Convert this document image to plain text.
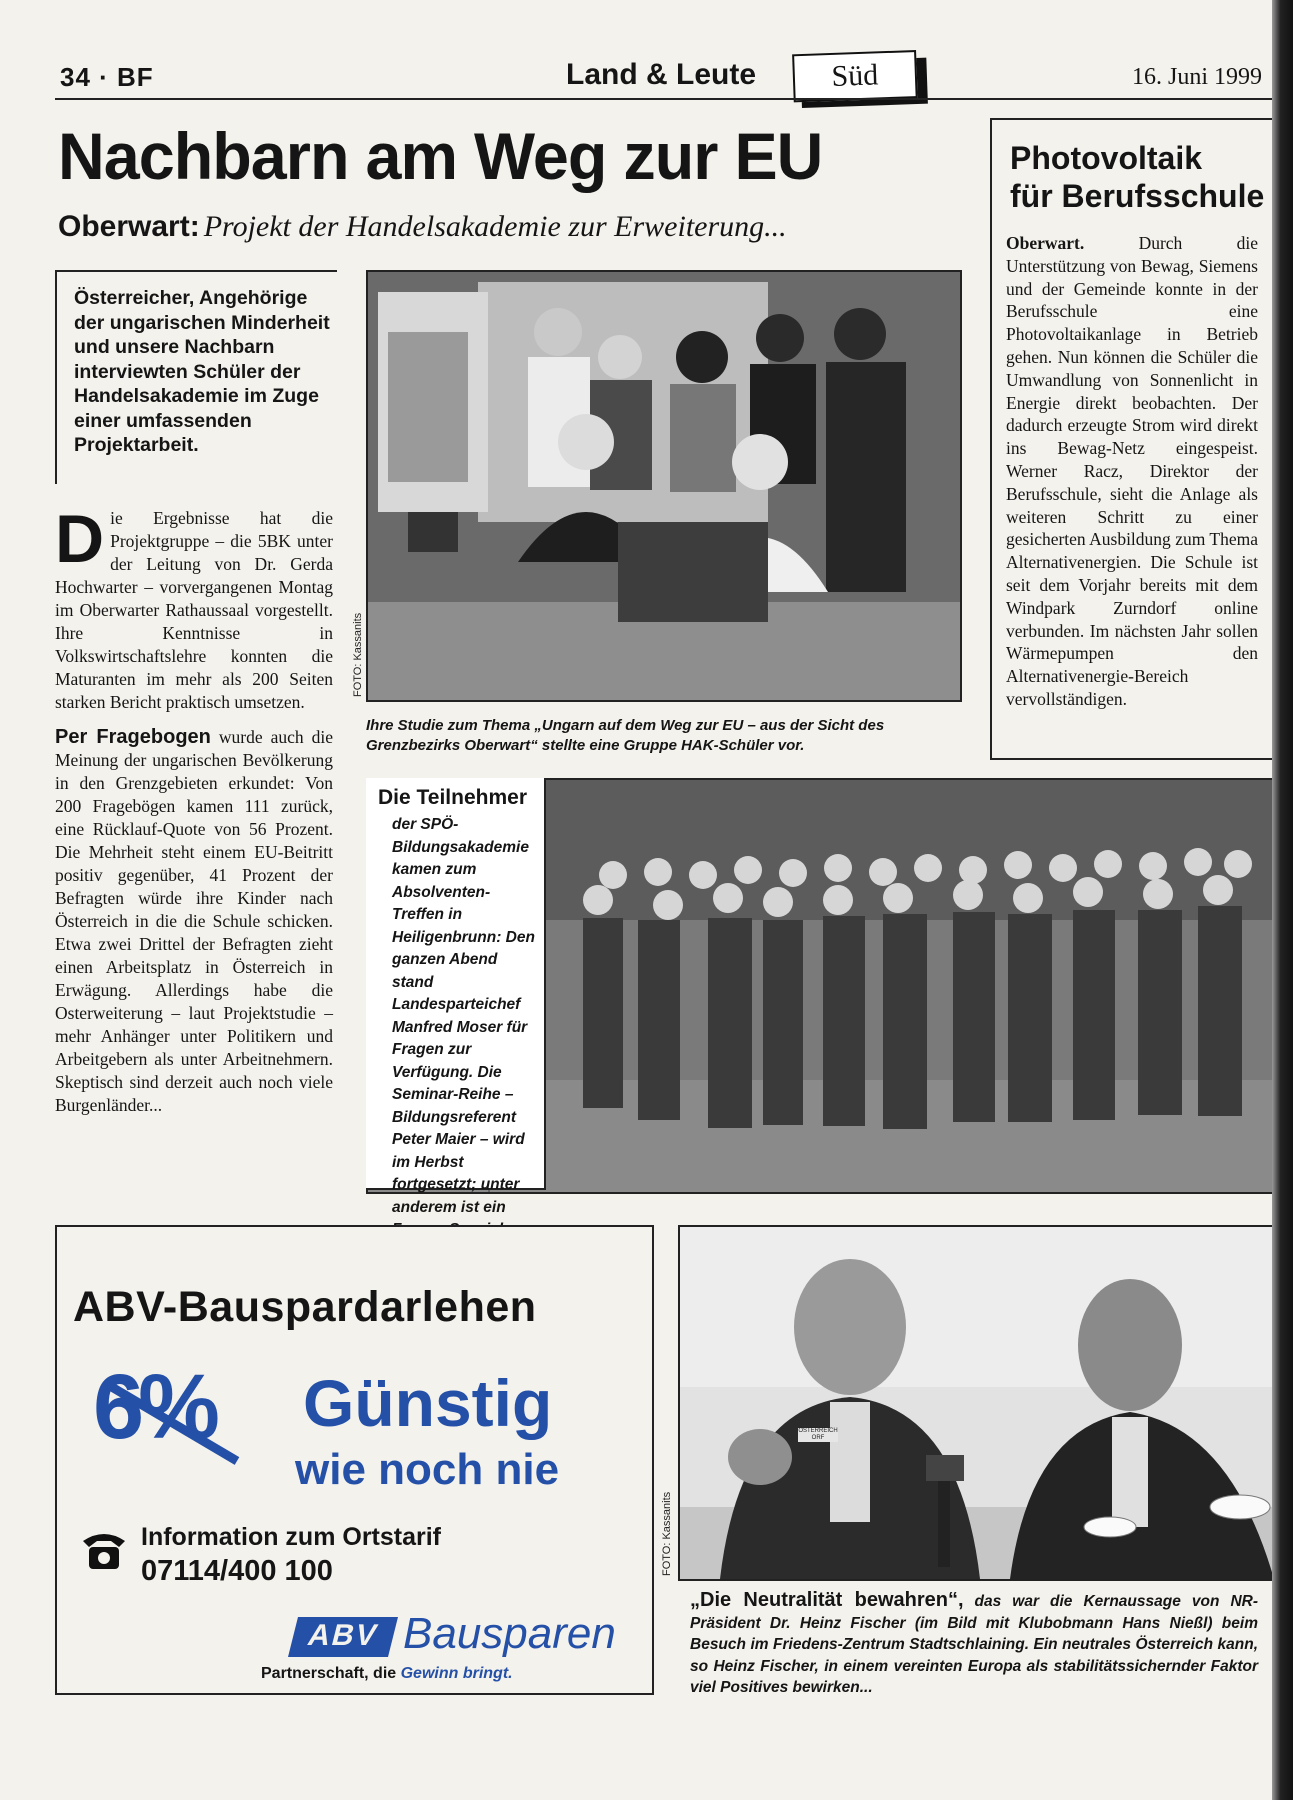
34 · BF	Land & Leute	Süd	16. Juni 1999
Nachbarn am Weg zur EU
Oberwart: Projekt der Handelsakademie zur Erweiterung...
Österreicher, Angehörige der ungarischen Minderheit und unsere Nachbarn interviewten Schüler der Handelsakademie im Zuge einer umfassenden Projektarbeit.
D ie Ergebnisse hat die Projektgruppe – die 5BK unter der Leitung von Dr. Gerda Hochwarter – vorvergangenen Montag im Oberwarter Rathaussaal vorgestellt. Ihre Kenntnisse in Volkswirtschaftslehre konnten die Maturanten im mehr als 200 Seiten starken Bericht praktisch umsetzen.
Per Fragebogen wurde auch die Meinung der ungarischen Bevölkerung in den Grenzgebieten erkundet: Von 200 Fragebögen kamen 111 zurück, eine Rücklauf-Quote von 56 Prozent. Die Mehrheit steht einem EU-Beitritt positiv gegenüber, 41 Prozent der Befragten würde ihre Kinder nach Österreich in die die Schule schicken. Etwa zwei Drittel der Befragten zieht einen Arbeitsplatz in Österreich in Erwägung. Allerdings habe die Osterweiterung – laut Projektstudie – mehr Anhänger unter Politikern und Arbeitgebern als unter Arbeitnehmern. Skeptisch sind derzeit auch noch viele Burgenländer...
FOTO: Kassanits
Ihre Studie zum Thema „Ungarn auf dem Weg zur EU – aus der Sicht des Grenzbezirks Oberwart“ stellte eine Gruppe HAK-Schüler vor.
Photovoltaik
für Berufsschule
Oberwart. Durch die Unterstützung von Bewag, Siemens und der Gemeinde konnte in der Berufsschule eine Photovoltaikanlage in Betrieb gehen. Nun können die Schüler die Umwandlung von Sonnenlicht in Energie direkt beobachten. Der dadurch erzeugte Strom wird direkt ins Bewag-Netz eingespeist. Werner Racz, Direktor der Berufsschule, sieht die Anlage als weiteren Schritt zu einer gesicherten Ausbildung zum Thema Alternativenergien. Die Schule ist seit dem Vorjahr bereits mit dem Windpark Zurndorf online verbunden. Im nächsten Jahr sollen Wärmepumpen den Alternativenergie-Bereich vervollständigen.
Die Teilnehmer
der SPÖ-Bildungsakademie kamen zum Absolventen-Treffen in Heiligenbrunn: Den ganzen Abend stand Landesparteichef Manfred Moser für Fragen zur Verfügung. Die Seminar-Reihe – Bildungsreferent Peter Maier – wird im Herbst fortgesetzt; unter anderem ist ein
ABV-Bauspardarlehen
6% Günstig
wie noch nie
Information zum Ortstarif
07114/400 100
ABV Bausparen
Partnerschaft, die Gewinn bringt.
ÖSTERREICH ORF
FOTO: Kassanits
„Die Neutralität bewahren“, das war die Kernaussage von NR-Präsident Dr. Heinz Fischer (im Bild mit Klubobmann Hans Nießl) beim Besuch im Friedens-Zentrum Stadtschlaining. Ein neutrales Österreich kann, so Heinz Fischer, in einem vereinten Europa als stabilitätssichernder Faktor viel Positives bewirken...
